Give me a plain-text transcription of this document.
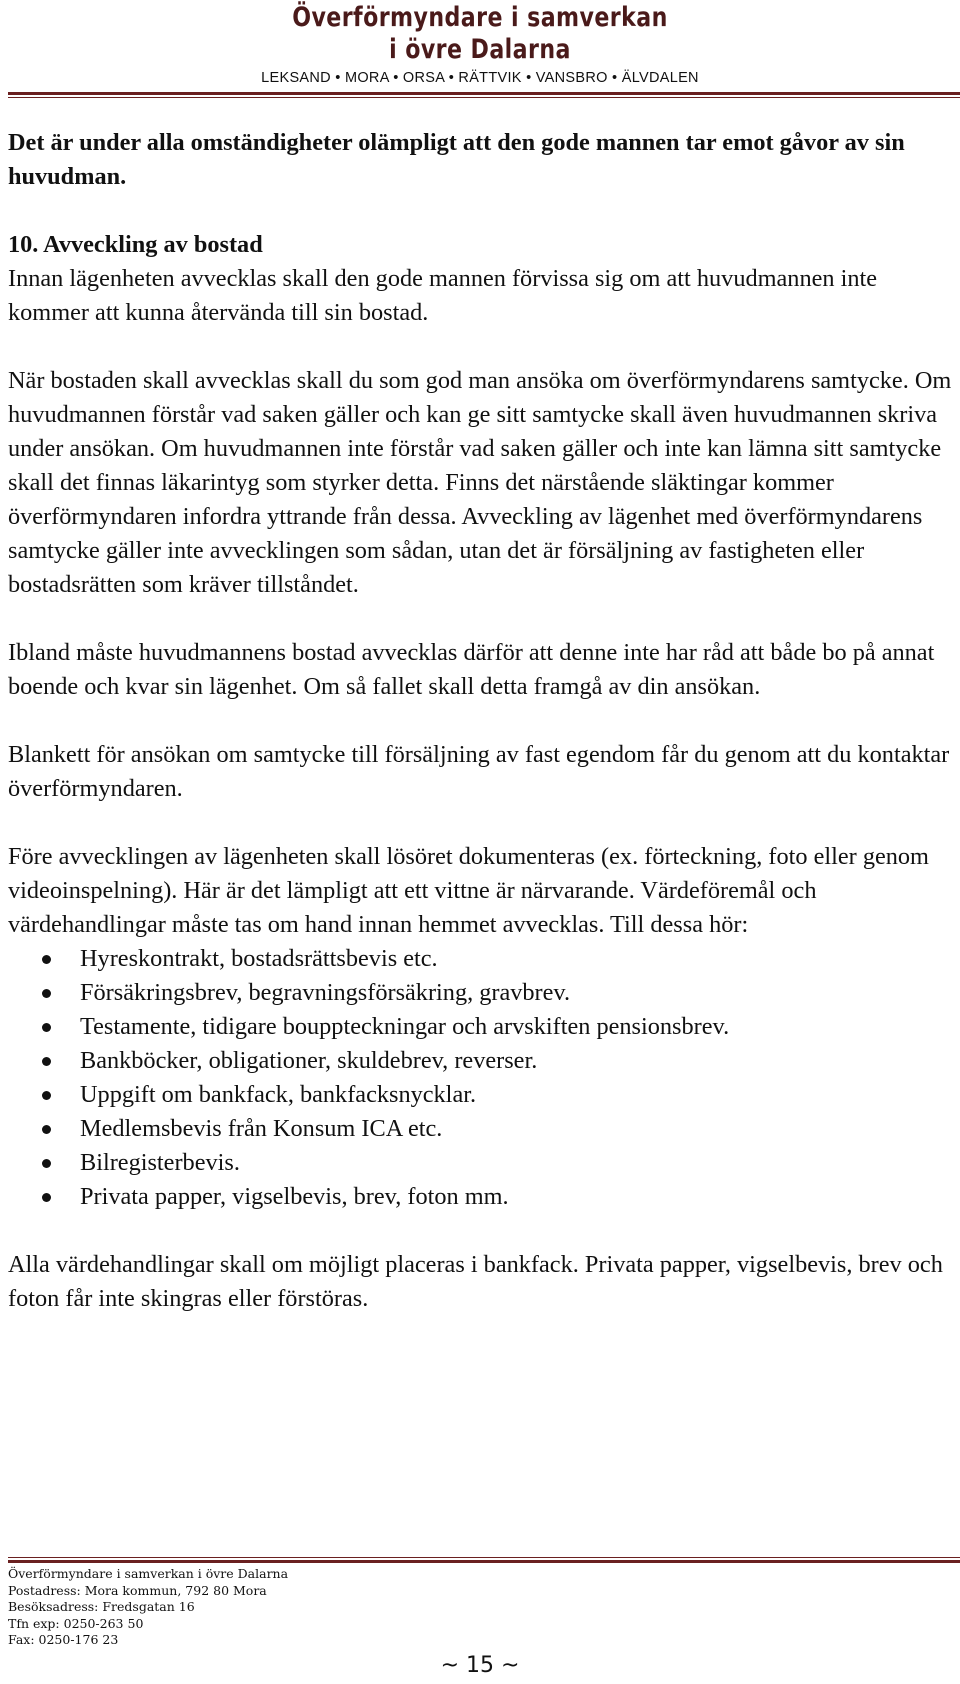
Överförmyndare i samverkan
i övre Dalarna
LEKSAND • MORA • ORSA • RÄTTVIK • VANSBRO • ÄLVDALEN

Det är under alla omständigheter olämpligt att den gode mannen tar emot gåvor av sin huvudman.

10. Avveckling av bostad

Innan lägenheten avvecklas skall den gode mannen förvissa sig om att huvudmannen inte kommer att kunna återvända till sin bostad.

När bostaden skall avvecklas skall du som god man ansöka om överförmyndarens samtycke. Om huvudmannen förstår vad saken gäller och kan ge sitt samtycke skall även huvudmannen skriva under ansökan. Om huvudmannen inte förstår vad saken gäller och inte kan lämna sitt samtycke skall det finnas läkarintyg som styrker detta. Finns det närstående släktingar kommer överförmyndaren infordra yttrande från dessa. Avveckling av lägenhet med överförmyndarens samtycke gäller inte avvecklingen som sådan, utan det är försäljning av fastigheten eller bostadsrätten som kräver tillståndet.

Ibland måste huvudmannens bostad avvecklas därför att denne inte har råd att både bo på annat boende och kvar sin lägenhet. Om så fallet skall detta framgå av din ansökan.

Blankett för ansökan om samtycke till försäljning av fast egendom får du genom att du kontaktar överförmyndaren.

Före avvecklingen av lägenheten skall lösöret dokumenteras (ex. förteckning, foto eller genom videoinspelning). Här är det lämpligt att ett vittne är närvarande. Värdeföremål och värdehandlingar måste tas om hand innan hemmet avvecklas. Till dessa hör:

Hyreskontrakt, bostadsrättsbevis etc.
Försäkringsbrev, begravningsförsäkring, gravbrev.
Testamente, tidigare bouppteckningar och arvskiften pensionsbrev.
Bankböcker, obligationer, skuldebrev, reverser.
Uppgift om bankfack, bankfacksnycklar.
Medlemsbevis från Konsum ICA etc.
Bilregisterbevis.
Privata papper, vigselbevis, brev, foton mm.

Alla värdehandlingar skall om möjligt placeras i bankfack. Privata papper, vigselbevis, brev och foton får inte skingras eller förstöras.

Överförmyndare i samverkan i övre Dalarna
Postadress: Mora kommun, 792 80 Mora
Besöksadress: Fredsgatan 16
Tfn exp: 0250-263 50
Fax: 0250-176 23
~ 15 ~
